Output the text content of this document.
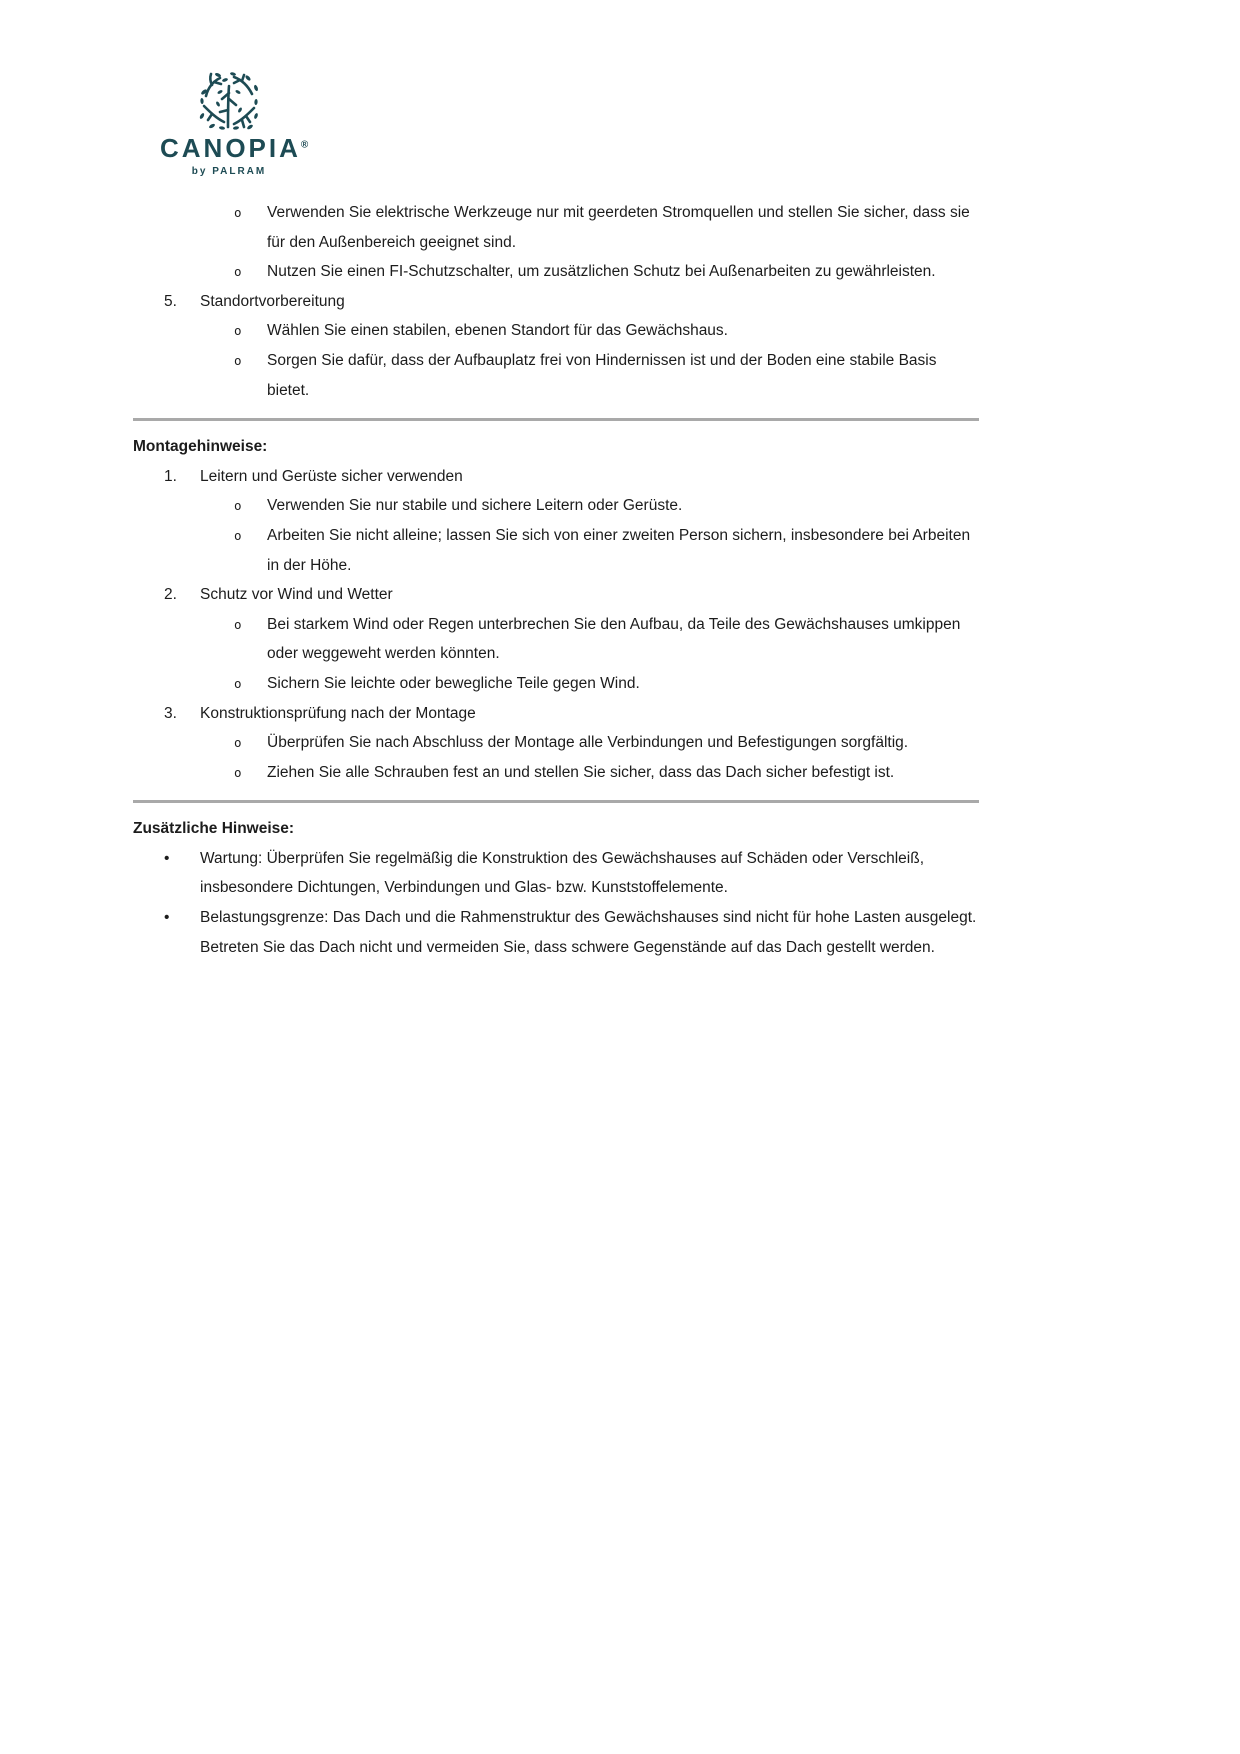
CANOPIA®
by PALRAM
o	Verwenden Sie elektrische Werkzeuge nur mit geerdeten Stromquellen und stellen Sie sicher, dass sie für den Außenbereich geeignet sind.
o	Nutzen Sie einen FI-Schutzschalter, um zusätzlichen Schutz bei Außenarbeiten zu gewährleisten.
5.	Standortvorbereitung
o	Wählen Sie einen stabilen, ebenen Standort für das Gewächshaus.
o	Sorgen Sie dafür, dass der Aufbauplatz frei von Hindernissen ist und der Boden eine stabile Basis bietet.
Montagehinweise:
1.	Leitern und Gerüste sicher verwenden
o	Verwenden Sie nur stabile und sichere Leitern oder Gerüste.
o	Arbeiten Sie nicht alleine; lassen Sie sich von einer zweiten Person sichern, insbesondere bei Arbeiten in der Höhe.
2.	Schutz vor Wind und Wetter
o	Bei starkem Wind oder Regen unterbrechen Sie den Aufbau, da Teile des Gewächshauses umkippen oder weggeweht werden könnten.
o	Sichern Sie leichte oder bewegliche Teile gegen Wind.
3.	Konstruktionsprüfung nach der Montage
o	Überprüfen Sie nach Abschluss der Montage alle Verbindungen und Befestigungen sorgfältig.
o	Ziehen Sie alle Schrauben fest an und stellen Sie sicher, dass das Dach sicher befestigt ist.
Zusätzliche Hinweise:
•	Wartung: Überprüfen Sie regelmäßig die Konstruktion des Gewächshauses auf Schäden oder Verschleiß, insbesondere Dichtungen, Verbindungen und Glas- bzw. Kunststoffelemente.
•	Belastungsgrenze: Das Dach und die Rahmenstruktur des Gewächshauses sind nicht für hohe Lasten ausgelegt. Betreten Sie das Dach nicht und vermeiden Sie, dass schwere Gegenstände auf das Dach gestellt werden.
